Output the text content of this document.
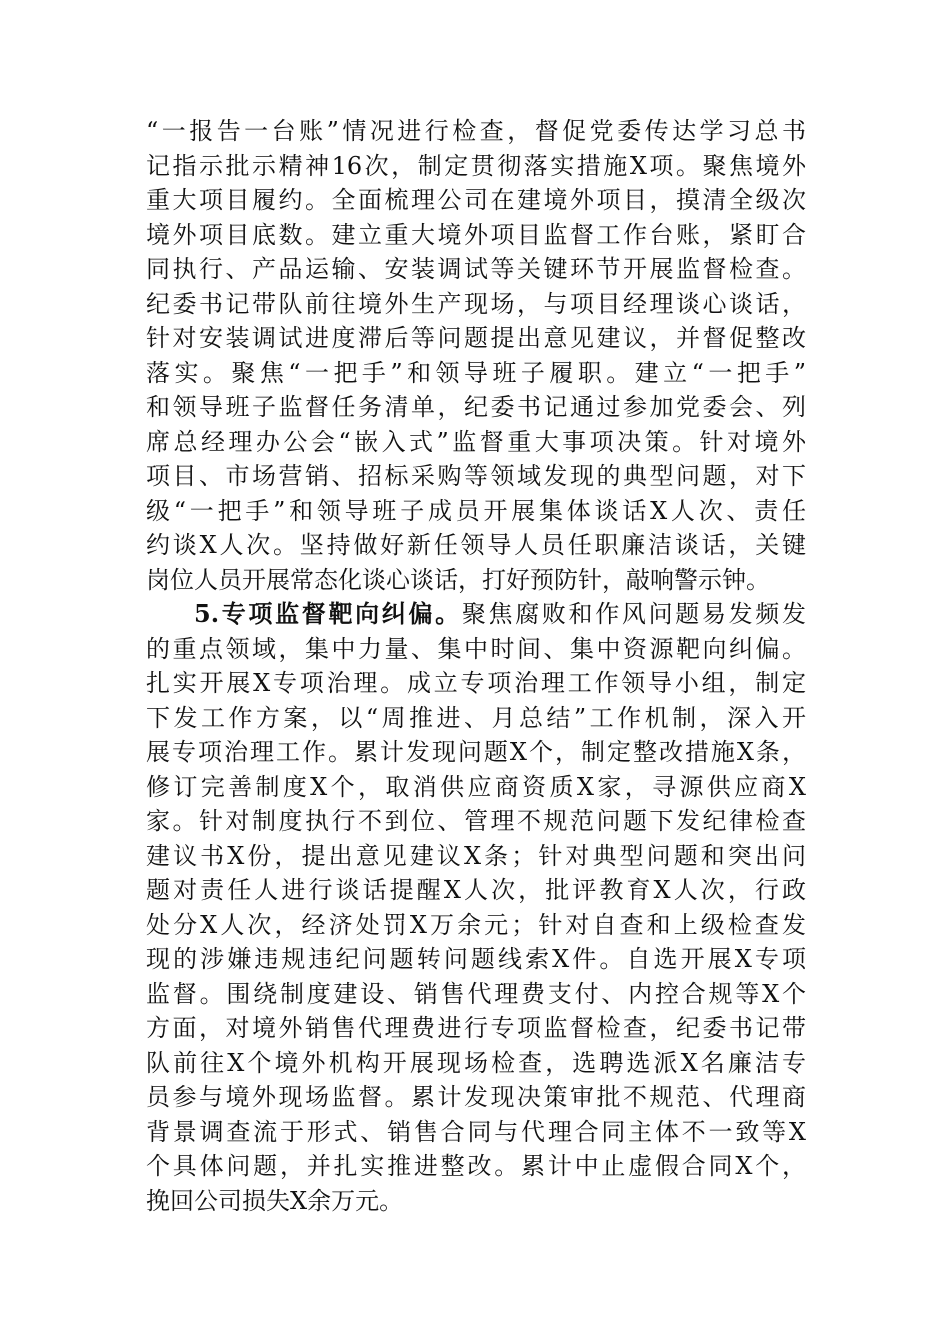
“一报告一台账”情况进行检查，督促党委传达学习总书
记指示批示精神16次，制定贯彻落实措施X项。聚焦境外
重大项目履约。全面梳理公司在建境外项目，摸清全级次
境外项目底数。建立重大境外项目监督工作台账，紧盯合
同执行、产品运输、安装调试等关键环节开展监督检查。
纪委书记带队前往境外生产现场，与项目经理谈心谈话，
针对安装调试进度滞后等问题提出意见建议，并督促整改
落实。聚焦“一把手”和领导班子履职。建立“一把手”
和领导班子监督任务清单，纪委书记通过参加党委会、列
席总经理办公会“嵌入式”监督重大事项决策。针对境外
项目、市场营销、招标采购等领域发现的典型问题，对下
级“一把手”和领导班子成员开展集体谈话X人次、责任
约谈X人次。坚持做好新任领导人员任职廉洁谈话，关键
岗位人员开展常态化谈心谈话，打好预防针，敲响警示钟。
5.专项监督靶向纠偏。聚焦腐败和作风问题易发频发
的重点领域，集中力量、集中时间、集中资源靶向纠偏。
扎实开展X专项治理。成立专项治理工作领导小组，制定
下发工作方案，以“周推进、月总结”工作机制，深入开
展专项治理工作。累计发现问题X个，制定整改措施X条，
修订完善制度X个，取消供应商资质X家，寻源供应商X
家。针对制度执行不到位、管理不规范问题下发纪律检查
建议书X份，提出意见建议X条；针对典型问题和突出问
题对责任人进行谈话提醒X人次，批评教育X人次，行政
处分X人次，经济处罚X万余元；针对自查和上级检查发
现的涉嫌违规违纪问题转问题线索X件。自选开展X专项
监督。围绕制度建设、销售代理费支付、内控合规等X个
方面，对境外销售代理费进行专项监督检查，纪委书记带
队前往X个境外机构开展现场检查，选聘选派X名廉洁专
员参与境外现场监督。累计发现决策审批不规范、代理商
背景调查流于形式、销售合同与代理合同主体不一致等X
个具体问题，并扎实推进整改。累计中止虚假合同X个，
挽回公司损失X余万元。
